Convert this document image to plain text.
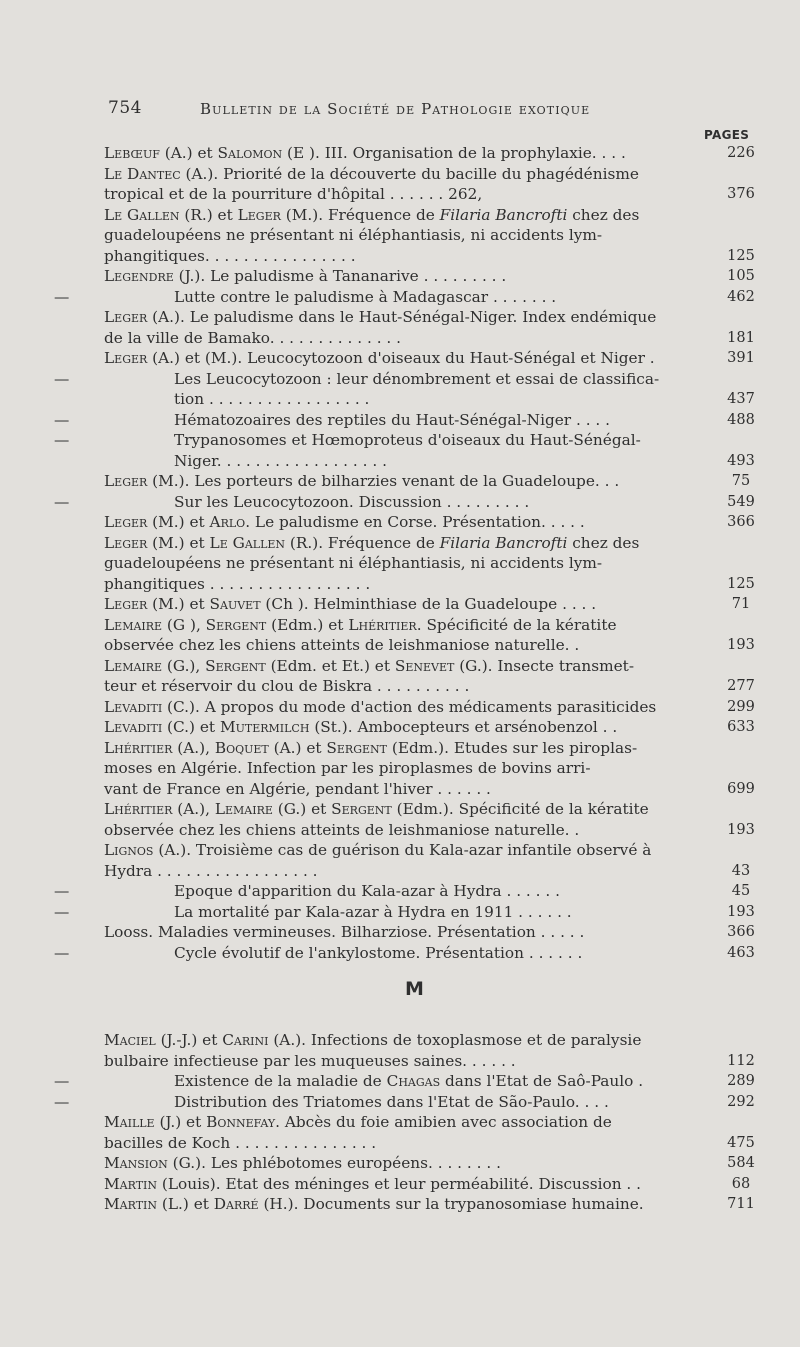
754	Bulletin de la Société de Pathologie exotique
PAGES
Lebœuf (A.) et Salomon (E ). III. Organisation de la prophylaxie. . . .	226
Le Dantec (A.). Priorité de la découverte du bacille du phagédénisme
tropical et de la pourriture d'hôpital . . . . . . 262,	376
Le Gallen (R.) et Leger (M.). Fréquence de Filaria Bancrofti chez des
guadeloupéens ne présentant ni éléphantiasis, ni accidents lym-
phangitiques. . . . . . . . . . . . . . . .	125
Legendre (J.). Le paludisme à Tananarive . . . . . . . . .	105
—	Lutte contre le paludisme à Madagascar . . . . . . .	462
Leger (A.). Le paludisme dans le Haut-Sénégal-Niger. Index endémique
de la ville de Bamako. . . . . . . . . . . . . .	181
Leger (A.) et (M.). Leucocytozoon d'oiseaux du Haut-Sénégal et Niger .	391
—	Les Leucocytozoon : leur dénombrement et essai de classifica-
tion . . . . . . . . . . . . . . . . .	437
—	Hématozoaires des reptiles du Haut-Sénégal-Niger . . . .	488
—	Trypanosomes et Hœmoproteus d'oiseaux du Haut-Sénégal-
Niger. . . . . . . . . . . . . . . . . .	493
Leger (M.). Les porteurs de bilharzies venant de la Guadeloupe. . .	75
—	Sur les Leucocytozoon. Discussion . . . . . . . . .	549
Leger (M.) et Arlo. Le paludisme en Corse. Présentation. . . . .	366
Leger (M.) et Le Gallen (R.). Fréquence de Filaria Bancrofti chez des
guadeloupéens ne présentant ni éléphantiasis, ni accidents lym-
phangitiques . . . . . . . . . . . . . . . . .	125
Leger (M.) et Sauvet (Ch ). Helminthiase de la Guadeloupe . . . .	71
Lemaire (G ), Sergent (Edm.) et Lhéritier. Spécificité de la kératite
observée chez les chiens atteints de leishmaniose naturelle. .	193
Lemaire (G.), Sergent (Edm. et Et.) et Senevet (G.). Insecte transmet-
teur et réservoir du clou de Biskra . . . . . . . . . .	277
Levaditi (C.). A propos du mode d'action des médicaments parasiticides	299
Levaditi (C.) et Mutermilch (St.). Ambocepteurs et arsénobenzol . .	633
Lhéritier (A.), Boquet (A.) et Sergent (Edm.). Etudes sur les piroplas-
moses en Algérie. Infection par les piroplasmes de bovins arri-
vant de France en Algérie, pendant l'hiver . . . . . .	699
Lhéritier (A.), Lemaire (G.) et Sergent (Edm.). Spécificité de la kératite
observée chez les chiens atteints de leishmaniose naturelle. .	193
Lignos (A.). Troisième cas de guérison du Kala-azar infantile observé à
Hydra . . . . . . . . . . . . . . . . .	43
—	Epoque d'apparition du Kala-azar à Hydra . . . . . .	45
—	La mortalité par Kala-azar à Hydra en 1911 . . . . . .	193
Looss. Maladies vermineuses. Bilharziose. Présentation . . . . .	366
—	Cycle évolutif de l'ankylostome. Présentation . . . . . .	463
M
Maciel (J.-J.) et Carini (A.). Infections de toxoplasmose et de paralysie
bulbaire infectieuse par les muqueuses saines. . . . . .	112
—	Existence de la maladie de Chagas dans l'Etat de Saô-Paulo .	289
—	Distribution des Triatomes dans l'Etat de São-Paulo. . . .	292
Maille (J.) et Bonnefay. Abcès du foie amibien avec association de
bacilles de Koch . . . . . . . . . . . . . . .	475
Mansion (G.). Les phlébotomes européens. . . . . . . .	584
Martin (Louis). Etat des méninges et leur perméabilité. Discussion . .	68
Martin (L.) et Darré (H.). Documents sur la trypanosomiase humaine.	711
